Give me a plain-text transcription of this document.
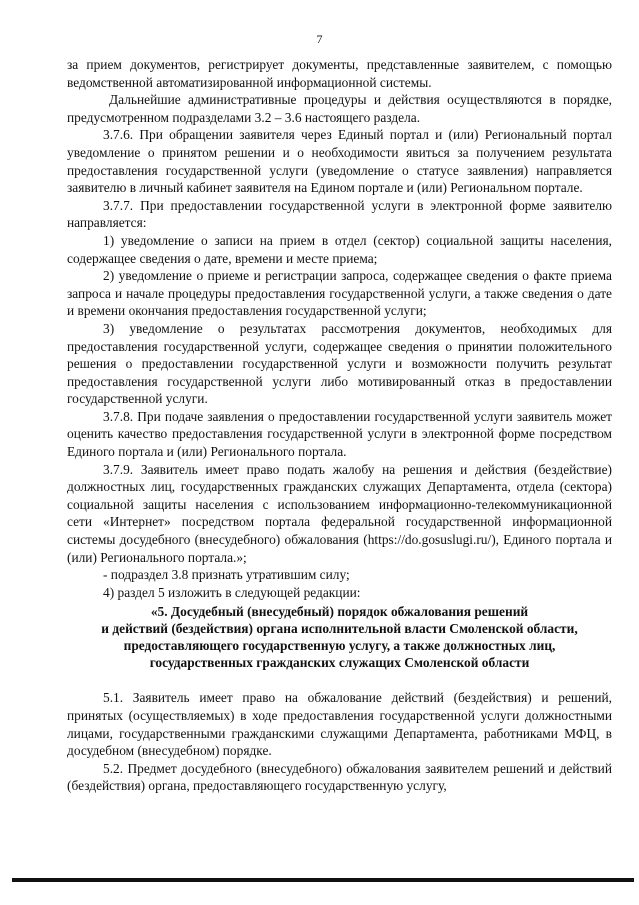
7

за прием документов, регистрирует документы, представленные заявителем, с помощью ведомственной автоматизированной информационной системы.

Дальнейшие административные процедуры и действия осуществляются в порядке, предусмотренном подразделами 3.2 – 3.6 настоящего раздела.

3.7.6. При обращении заявителя через Единый портал и (или) Региональный портал уведомление о принятом решении и о необходимости явиться за получением результата предоставления государственной услуги (уведомление о статусе заявления) направляется заявителю в личный кабинет заявителя на Едином портале и (или) Региональном портале.

3.7.7. При предоставлении государственной услуги в электронной форме заявителю направляется:

1) уведомление о записи на прием в отдел (сектор) социальной защиты населения, содержащее сведения о дате, времени и месте приема;

2) уведомление о приеме и регистрации запроса, содержащее сведения о факте приема запроса и начале процедуры предоставления государственной услуги, а также сведения о дате и времени окончания предоставления государственной услуги;

3) уведомление о результатах рассмотрения документов, необходимых для предоставления государственной услуги, содержащее сведения о принятии положительного решения о предоставлении государственной услуги и возможности получить результат предоставления государственной услуги либо мотивированный отказ в предоставлении государственной услуги.

3.7.8. При подаче заявления о предоставлении государственной услуги заявитель может оценить качество предоставления государственной услуги в электронной форме посредством Единого портала и (или) Регионального портала.

3.7.9. Заявитель имеет право подать жалобу на решения и действия (бездействие) должностных лиц, государственных гражданских служащих Департамента, отдела (сектора) социальной защиты населения с использованием информационно-телекоммуникационной сети «Интернет» посредством портала федеральной государственной информационной системы досудебного (внесудебного) обжалования (https://do.gosuslugi.ru/), Единого портала и (или) Регионального портала.»;

- подраздел 3.8 признать утратившим силу;

4) раздел 5 изложить в следующей редакции:

«5. Досудебный (внесудебный) порядок обжалования решений
и действий (бездействия) органа исполнительной власти Смоленской области,
предоставляющего государственную услугу, а также должностных лиц,
государственных гражданских служащих Смоленской области

5.1. Заявитель имеет право на обжалование действий (бездействия) и решений, принятых (осуществляемых) в ходе предоставления государственной услуги должностными лицами, государственными гражданскими служащими Департамента, работниками МФЦ, в досудебном (внесудебном) порядке.

5.2. Предмет досудебного (внесудебного) обжалования заявителем решений и действий (бездействия) органа, предоставляющего государственную услугу,
